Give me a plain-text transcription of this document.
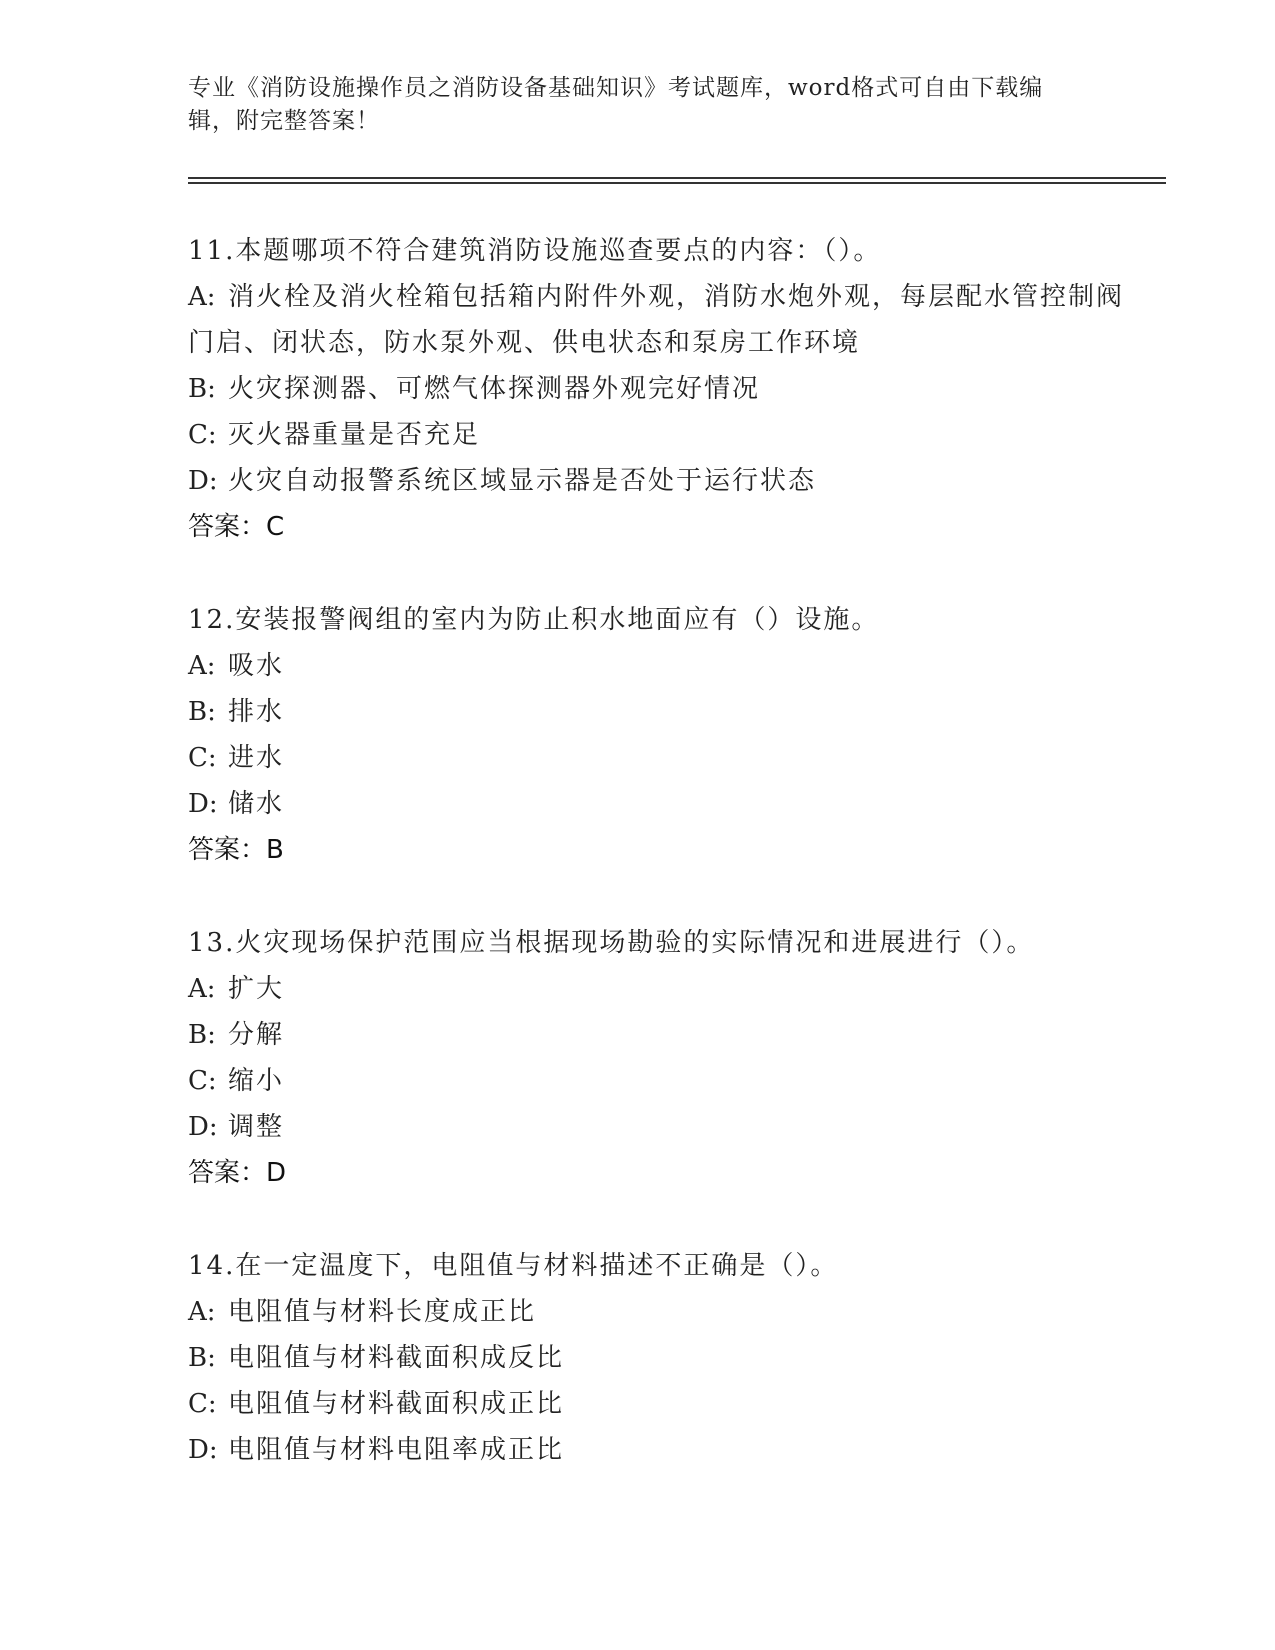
专业《消防设施操作员之消防设备基础知识》考试题库，word格式可自由下载编辑，附完整答案！
11.本题哪项不符合建筑消防设施巡查要点的内容：（）。
A: 消火栓及消火栓箱包括箱内附件外观，消防水炮外观，每层配水管控制阀门启、闭状态，防水泵外观、供电状态和泵房工作环境
B: 火灾探测器、可燃气体探测器外观完好情况
C: 灭火器重量是否充足
D: 火灾自动报警系统区域显示器是否处于运行状态
答案：C
12.安装报警阀组的室内为防止积水地面应有（）设施。
A: 吸水
B: 排水
C: 进水
D: 储水
答案：B
13.火灾现场保护范围应当根据现场勘验的实际情况和进展进行（）。
A: 扩大
B: 分解
C: 缩小
D: 调整
答案：D
14.在一定温度下，电阻值与材料描述不正确是（）。
A: 电阻值与材料长度成正比
B: 电阻值与材料截面积成反比
C: 电阻值与材料截面积成正比
D: 电阻值与材料电阻率成正比
